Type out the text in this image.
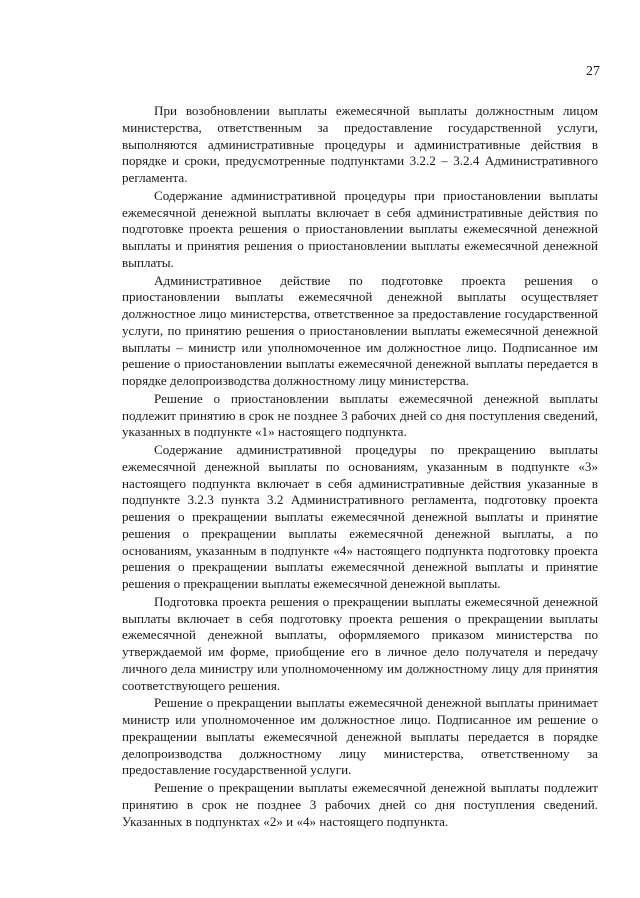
27

При возобновлении выплаты ежемесячной выплаты должностным лицом министерства, ответственным за предоставление государственной услуги, выполняются административные процедуры и административные действия в порядке и сроки, предусмотренные подпунктами 3.2.2 – 3.2.4 Административного регламента.

Содержание административной процедуры при приостановлении выплаты ежемесячной денежной выплаты включает в себя административные действия по подготовке проекта решения о приостановлении выплаты ежемесячной денежной выплаты и принятия решения о приостановлении выплаты ежемесячной денежной выплаты.

Административное действие по подготовке проекта решения о приостановлении выплаты ежемесячной денежной выплаты осуществляет должностное лицо министерства, ответственное за предоставление государственной услуги, по принятию решения о приостановлении выплаты ежемесячной денежной выплаты – министр или уполномоченное им должностное лицо. Подписанное им решение о приостановлении выплаты ежемесячной денежной выплаты передается в порядке делопроизводства должностному лицу министерства.

Решение о приостановлении выплаты ежемесячной денежной выплаты подлежит принятию в срок не позднее 3 рабочих дней со дня поступления сведений, указанных в подпункте «1» настоящего подпункта.

Содержание административной процедуры по прекращению выплаты ежемесячной денежной выплаты по основаниям, указанным в подпункте «3» настоящего подпункта включает в себя административные действия указанные в подпункте 3.2.3 пункта 3.2 Административного регламента, подготовку проекта решения о прекращении выплаты ежемесячной денежной выплаты и принятие решения о прекращении выплаты ежемесячной денежной выплаты, а по основаниям, указанным в подпункте «4» настоящего подпункта подготовку проекта решения о прекращении выплаты ежемесячной денежной выплаты и принятие решения о прекращении выплаты ежемесячной денежной выплаты.

Подготовка проекта решения о прекращении выплаты ежемесячной денежной выплаты включает в себя подготовку проекта решения о прекращении выплаты ежемесячной денежной выплаты, оформляемого приказом министерства по утверждаемой им форме, приобщение его в личное дело получателя и передачу личного дела министру или уполномоченному им должностному лицу для принятия соответствующего решения.

Решение о прекращении выплаты ежемесячной денежной выплаты принимает министр или уполномоченное им должностное лицо. Подписанное им решение о прекращении выплаты ежемесячной денежной выплаты передается в порядке делопроизводства должностному лицу министерства, ответственному за предоставление государственной услуги.

Решение о прекращении выплаты ежемесячной денежной выплаты подлежит принятию в срок не позднее 3 рабочих дней со дня поступления сведений. Указанных в подпунктах «2» и «4» настоящего подпункта.
